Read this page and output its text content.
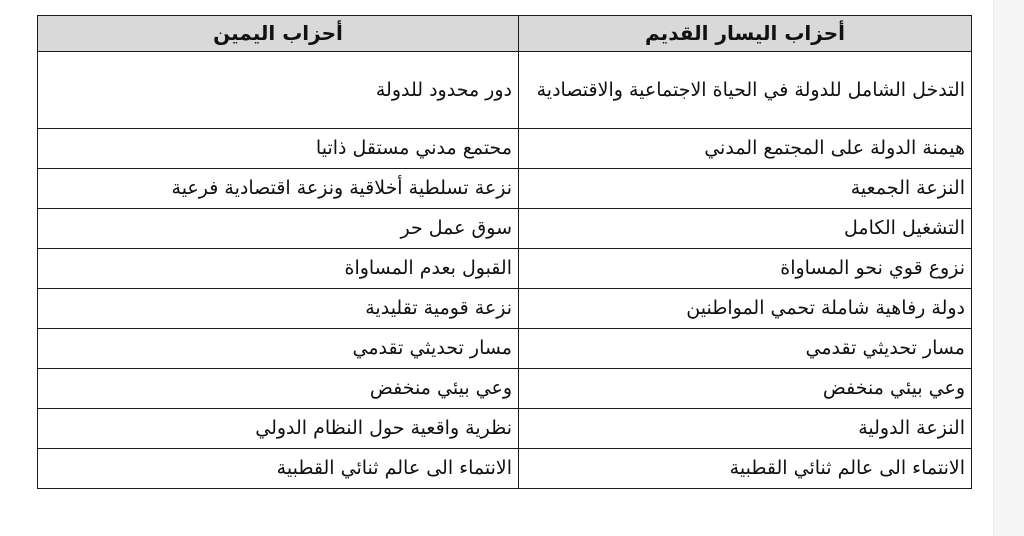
أحزاب اليسار القديم	أحزاب اليمين
التدخل الشامل للدولة في الحياة الاجتماعية والاقتصادية	دور محدود للدولة
هيمنة الدولة على المجتمع المدني	محتمع مدني مستقل ذاتيا
النزعة الجمعية	نزعة تسلطية أخلاقية ونزعة اقتصادية فرعية
التشغيل الكامل	سوق عمل حر
نزوع قوي نحو المساواة	القبول بعدم المساواة
دولة رفاهية شاملة تحمي المواطنين	نزعة قومية تقليدية
مسار تحديثي تقدمي	مسار تحديثي تقدمي
وعي بيئي منخفض	وعي بيئي منخفض
النزعة الدولية	نظرية واقعية حول النظام الدولي
الانتماء الى عالم ثنائي القطبية	الانتماء الى عالم ثنائي القطبية
